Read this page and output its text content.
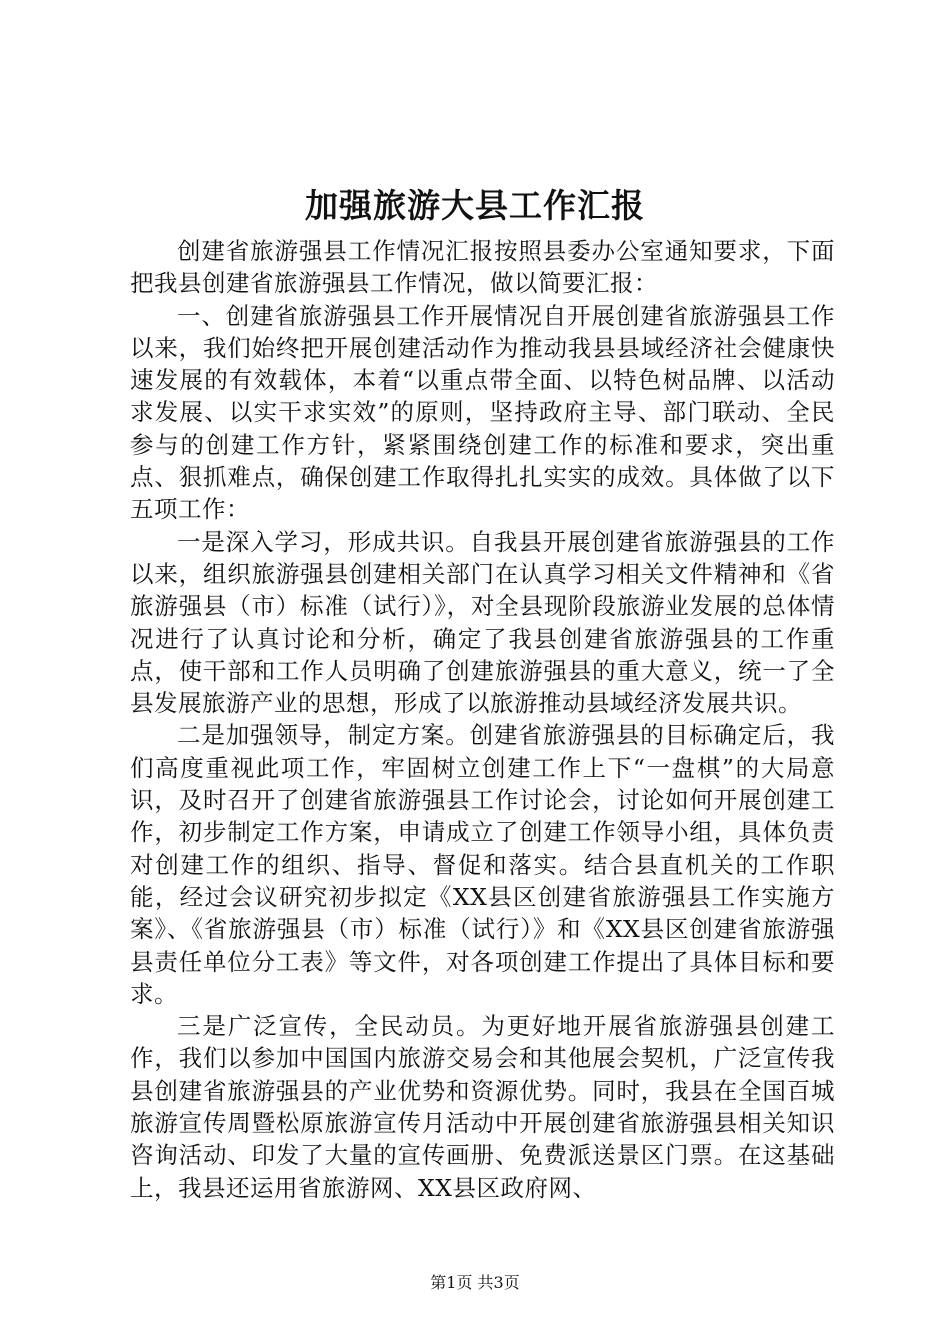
加强旅游大县工作汇报

创建省旅游强县工作情况汇报按照县委办公室通知要求，下面把我县创建省旅游强县工作情况，做以简要汇报：

一、创建省旅游强县工作开展情况自开展创建省旅游强县工作以来，我们始终把开展创建活动作为推动我县县域经济社会健康快速发展的有效载体，本着“以重点带全面、以特色树品牌、以活动求发展、以实干求实效”的原则，坚持政府主导、部门联动、全民参与的创建工作方针，紧紧围绕创建工作的标准和要求，突出重点、狠抓难点，确保创建工作取得扎扎实实的成效。具体做了以下五项工作：

一是深入学习，形成共识。自我县开展创建省旅游强县的工作以来，组织旅游强县创建相关部门在认真学习相关文件精神和《省旅游强县（市）标准（试行）》，对全县现阶段旅游业发展的总体情况进行了认真讨论和分析，确定了我县创建省旅游强县的工作重点，使干部和工作人员明确了创建旅游强县的重大意义，统一了全县发展旅游产业的思想，形成了以旅游推动县域经济发展共识。

二是加强领导，制定方案。创建省旅游强县的目标确定后，我们高度重视此项工作，牢固树立创建工作上下“一盘棋”的大局意识，及时召开了创建省旅游强县工作讨论会，讨论如何开展创建工作，初步制定工作方案，申请成立了创建工作领导小组，具体负责对创建工作的组织、指导、督促和落实。结合县直机关的工作职能，经过会议研究初步拟定《XX县区创建省旅游强县工作实施方案》、《省旅游强县（市）标准（试行）》和《XX县区创建省旅游强县责任单位分工表》等文件，对各项创建工作提出了具体目标和要求。

三是广泛宣传，全民动员。为更好地开展省旅游强县创建工作，我们以参加中国国内旅游交易会和其他展会契机，广泛宣传我县创建省旅游强县的产业优势和资源优势。同时，我县在全国百城旅游宣传周暨松原旅游宣传月活动中开展创建省旅游强县相关知识咨询活动、印发了大量的宣传画册、免费派送景区门票。在这基础上，我县还运用省旅游网、XX县区政府网、

第1页 共3页
